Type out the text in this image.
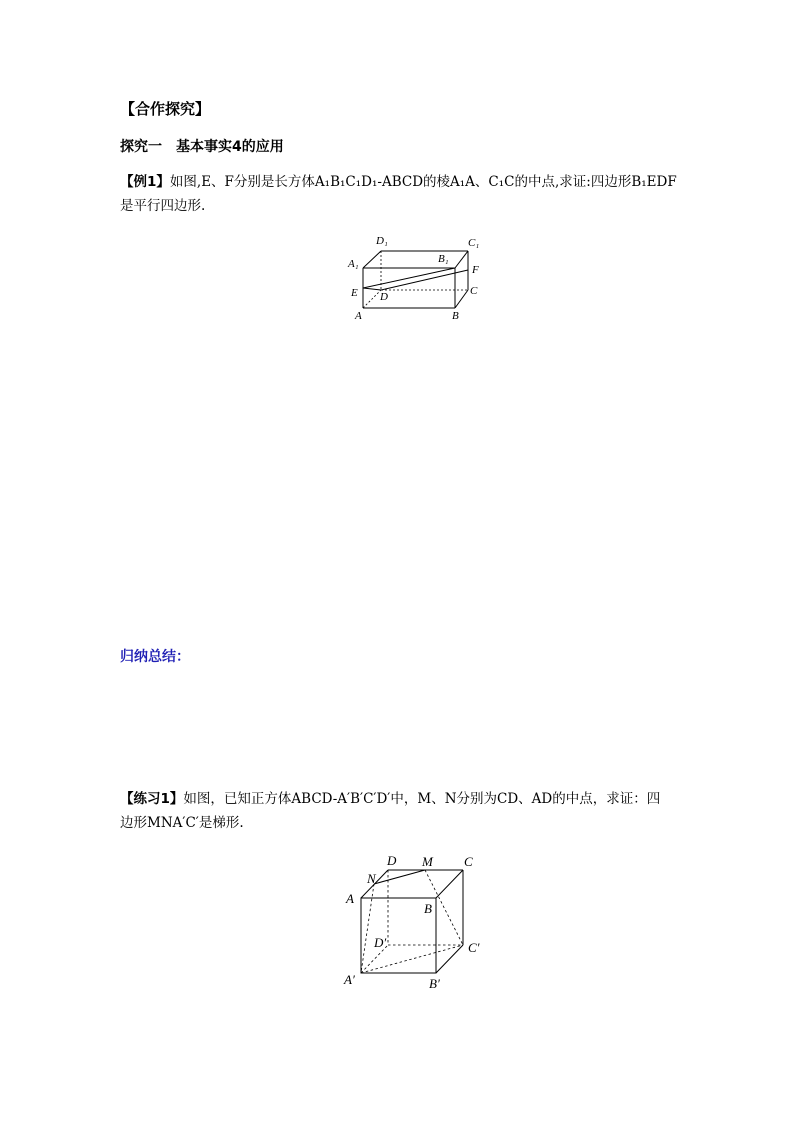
【合作探究】
探究一　基本事实4的应用
【例1】如图,E、F分别是长方体A₁B₁C₁D₁-ABCD的棱A₁A、C₁C的中点,求证:四边形B₁EDF
是平行四边形.
D₁	C₁
A₁	B₁
F
E D	C
A	B
归纳总结：
【练习1】如图，已知正方体ABCD-A′B′C′D′中，M、N分别为CD、AD的中点，求证：四
边形MNA′C′是梯形.
D M C
N
A
B
D′	C′
A′	B′
